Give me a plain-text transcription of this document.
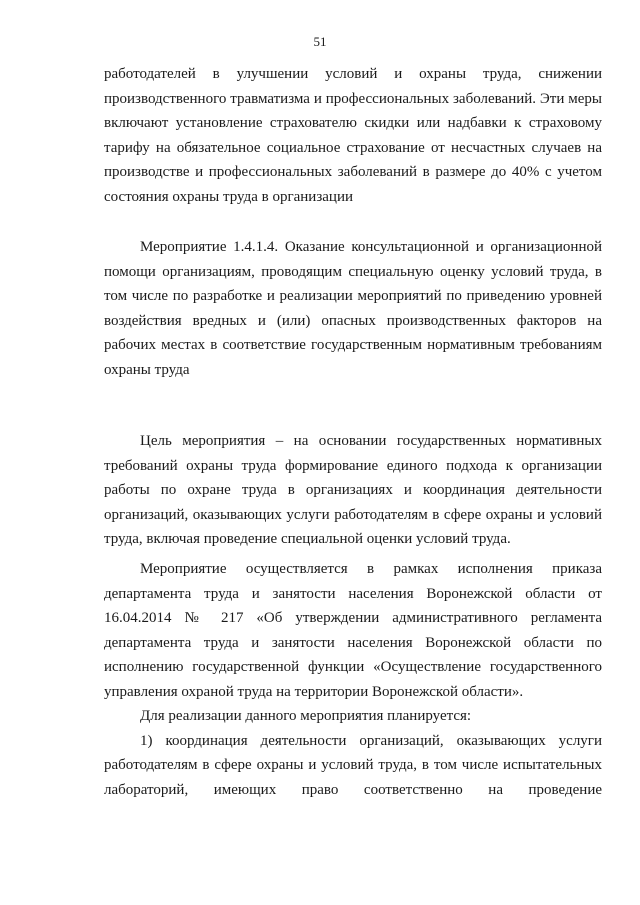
51
работодателей в улучшении условий и охраны труда, снижении
производственного травматизма и профессиональных заболеваний. Эти меры
включают установление страхователю скидки или надбавки к страховому
тарифу на обязательное социальное страхование от несчастных случаев на
производстве и профессиональных заболеваний в размере до 40% с учетом
состояния охраны труда в организации
Мероприятие 1.4.1.4. Оказание консультационной и организационной
помощи организациям, проводящим специальную оценку условий труда, в
том числе по разработке и реализации мероприятий по приведению уровней
воздействия вредных и (или) опасных производственных факторов на
рабочих местах в соответствие государственным нормативным требованиям
охраны труда
Цель мероприятия – на основании государственных нормативных
требований охраны труда формирование единого подхода к организации
работы по охране труда в организациях и координация деятельности
организаций, оказывающих услуги работодателям в сфере охраны и условий
труда, включая проведение специальной оценки условий труда.
Мероприятие осуществляется в рамках исполнения приказа
департамента труда и занятости населения Воронежской области от
16.04.2014 № 217 «Об утверждении административного регламента
департамента труда и занятости населения Воронежской области по
исполнению государственной функции «Осуществление государственного
управления охраной труда на территории Воронежской области».
Для реализации данного мероприятия планируется:
1) координация деятельности организаций, оказывающих услуги
работодателям в сфере охраны и условий труда, в том числе испытательных
лабораторий, имеющих право соответственно на проведение
